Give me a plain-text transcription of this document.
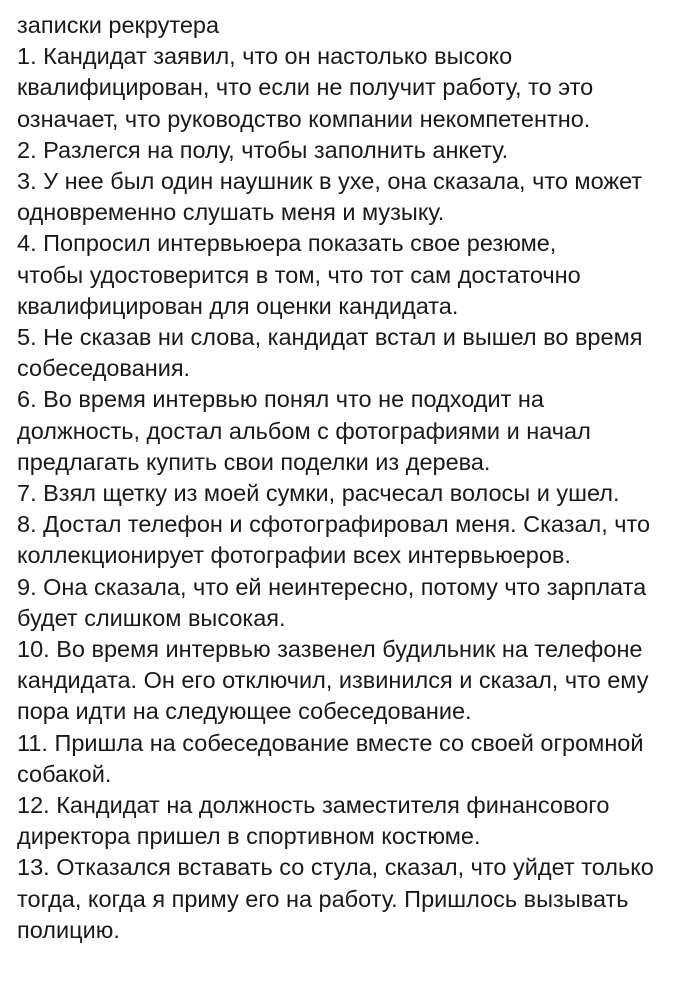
записки рекрутера
1. Кандидат заявил, что он настолько высоко
квалифицирован, что если не получит работу, то это
означает, что руководство компании некомпетентно.
2. Разлегся на полу, чтобы заполнить анкету.
3. У нее был один наушник в ухе, она сказала, что может
одновременно слушать меня и музыку.
4. Попросил интервьюера показать свое резюме,
чтобы удостоверится в том, что тот сам достаточно
квалифицирован для оценки кандидата.
5. Не сказав ни слова, кандидат встал и вышел во время
собеседования.
6. Во время интервью понял что не подходит на
должность, достал альбом с фотографиями и начал
предлагать купить свои поделки из дерева.
7. Взял щетку из моей сумки, расчесал волосы и ушел.
8. Достал телефон и сфотографировал меня. Сказал, что
коллекционирует фотографии всех интервьюеров.
9. Она сказала, что ей неинтересно, потому что зарплата
будет слишком высокая.
10. Во время интервью зазвенел будильник на телефоне
кандидата. Он его отключил, извинился и сказал, что ему
пора идти на следующее собеседование.
11. Пришла на собеседование вместе со своей огромной
собакой.
12. Кандидат на должность заместителя финансового
директора пришел в спортивном костюме.
13. Отказался вставать со стула, сказал, что уйдет только
тогда, когда я приму его на работу. Пришлось вызывать
полицию.
